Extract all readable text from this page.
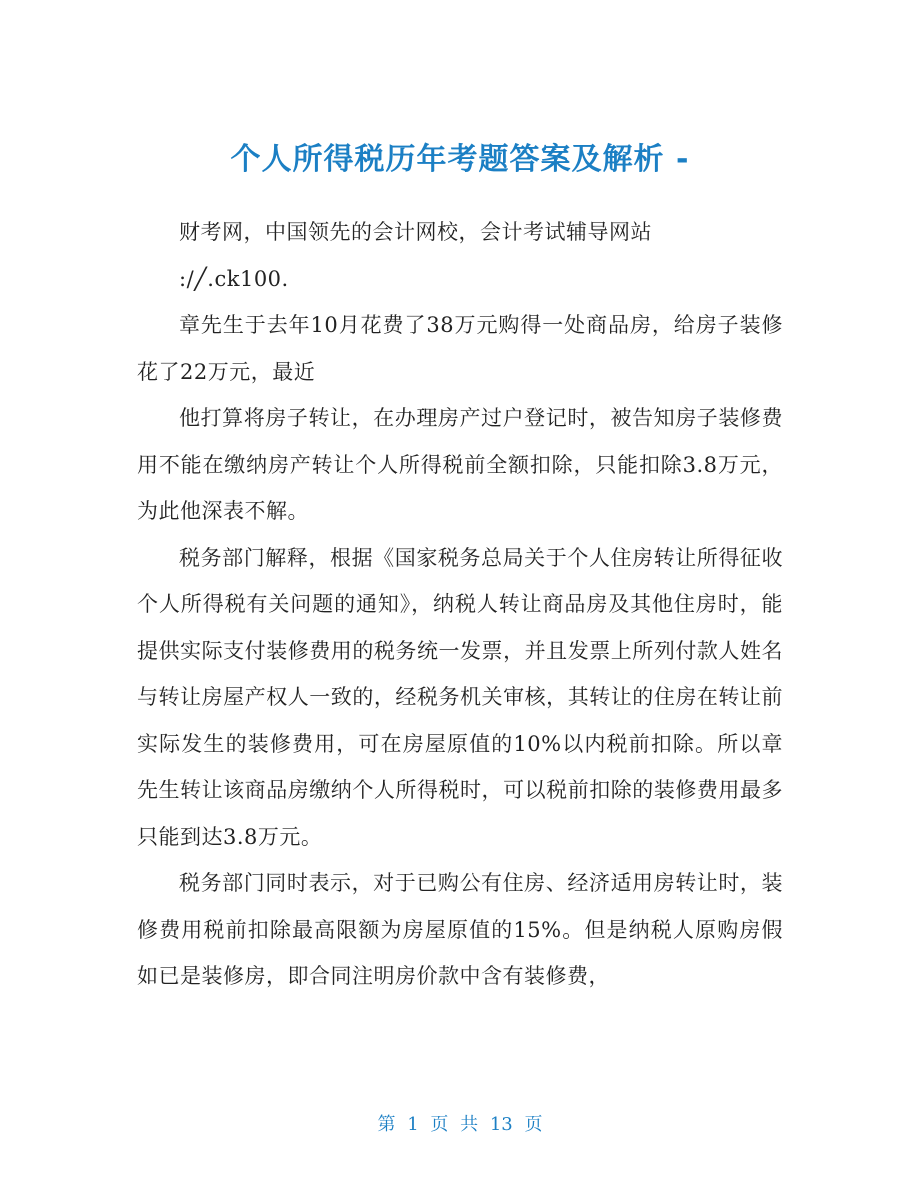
个人所得税历年考题答案及解析 -

财考网，中国领先的会计网校，会计考试辅导网站

:/╱.ck100.

章先生于去年10月花费了38万元购得一处商品房，给房子装修花了22万元，最近

他打算将房子转让，在办理房产过户登记时，被告知房子装修费用不能在缴纳房产转让个人所得税前全额扣除，只能扣除3.8万元，为此他深表不解。

税务部门解释，根据《国家税务总局关于个人住房转让所得征收个人所得税有关问题的通知》，纳税人转让商品房及其他住房时，能提供实际支付装修费用的税务统一发票，并且发票上所列付款人姓名与转让房屋产权人一致的，经税务机关审核，其转让的住房在转让前实际发生的装修费用，可在房屋原值的10%以内税前扣除。所以章先生转让该商品房缴纳个人所得税时，可以税前扣除的装修费用最多只能到达3.8万元。

税务部门同时表示，对于已购公有住房、经济适用房转让时，装修费用税前扣除最高限额为房屋原值的15%。但是纳税人原购房假如已是装修房，即合同注明房价款中含有装修费，

第 1 页 共 13 页
